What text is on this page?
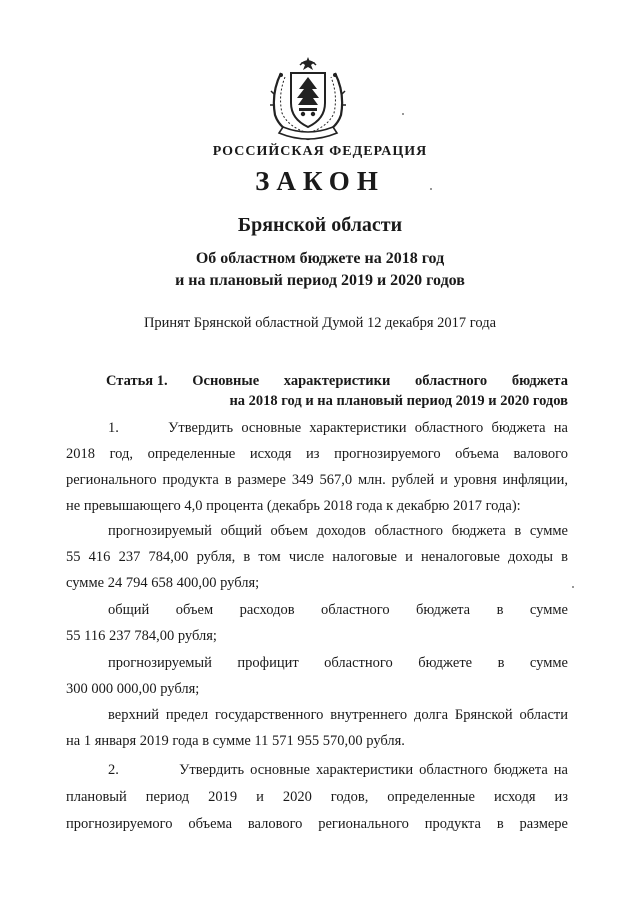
РОССИЙСКАЯ ФЕДЕРАЦИЯ
ЗАКОН
Брянской области
Об областном бюджете на 2018 год
и на плановый период 2019 и 2020 годов
Принят Брянской областной Думой 12 декабря 2017 года
Статья 1. Основные характеристики областного бюджета
на 2018 год и на плановый период 2019 и 2020 годов
1.      Утвердить основные характеристики областного бюджета на
2018 год, определенные исходя из прогнозируемого объема валового
регионального продукта в размере 349 567,0 млн. рублей и уровня инфляции,
не превышающего 4,0 процента (декабрь 2018 года к декабрю 2017 года):
прогнозируемый общий объем доходов областного бюджета в сумме
55 416 237 784,00 рубля, в том числе налоговые и неналоговые доходы в
сумме 24 794 658 400,00 рубля;
общий объем расходов областного бюджета в сумме
55 116 237 784,00 рубля;
прогнозируемый профицит областного бюджете в сумме
300 000 000,00 рубля;
верхний предел государственного внутреннего долга Брянской области
на 1 января 2019 года в сумме 11 571 955 570,00 рубля.
2.          Утвердить основные характеристики областного бюджета на
плановый период 2019 и 2020 годов, определенные исходя из
прогнозируемого объема валового регионального продукта в размере
